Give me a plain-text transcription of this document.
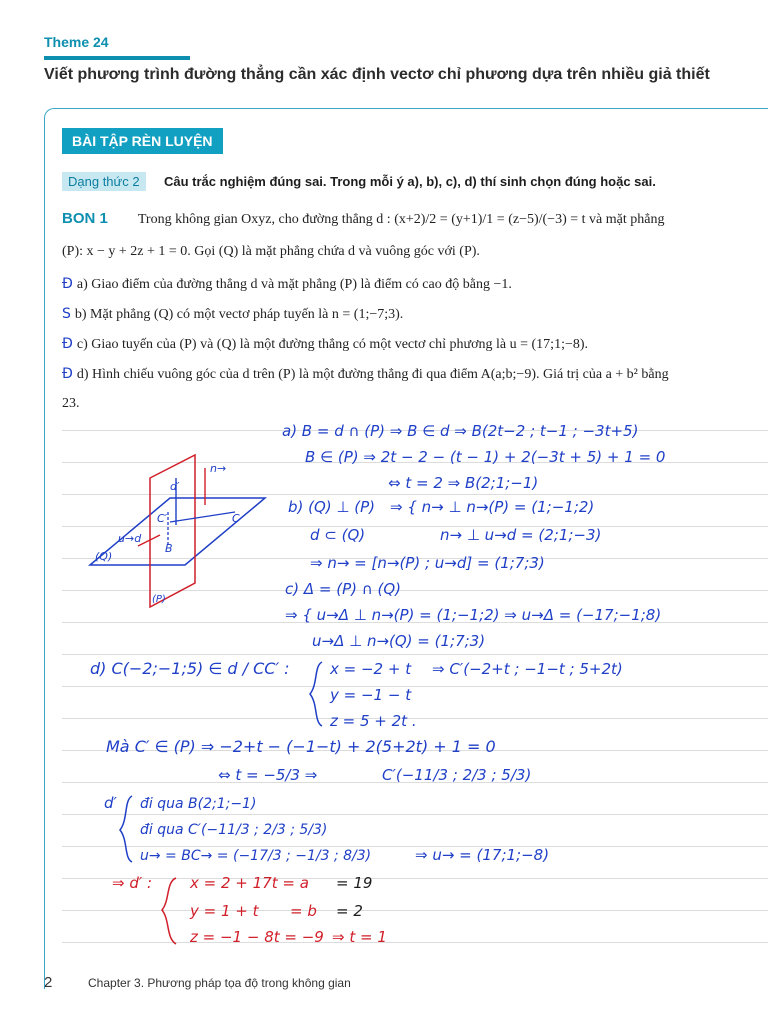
Theme 24
Viết phương trình đường thẳng cần xác định vectơ chỉ phương dựa trên nhiều giả thiết
BÀI TẬP RÈN LUYỆN
Dạng thức 2	Câu trắc nghiệm đúng sai. Trong mỗi ý a), b), c), d) thí sinh chọn đúng hoặc sai.
BON 1 Trong không gian Oxyz, cho đường thẳng d : (x+2)/2 = (y+1)/1 = (z−5)/(−3) = t và mặt phẳng
(P): x − y + 2z + 1 = 0. Gọi (Q) là mặt phẳng chứa d và vuông góc với (P).
Đ a) Giao điểm của đường thẳng d và mặt phẳng (P) là điểm có cao độ bằng −1.
S b) Mặt phẳng (Q) có một vectơ pháp tuyến là n = (1;−7;3).
Đ c) Giao tuyến của (P) và (Q) là một đường thẳng có một vectơ chỉ phương là u = (17;1;−8).
Đ d) Hình chiếu vuông góc của d trên (P) là một đường thẳng đi qua điểm A(a;b;−9). Giá trị của a + b² bằng
23.
d′
n→
C′	C
B
u→d
(Q)
(P)
a) B = d ∩ (P) ⇒ B ∈ d ⇒ B(2t−2 ; t−1 ; −3t+5)
B ∈ (P) ⇒ 2t − 2 − (t − 1) + 2(−3t + 5) + 1 = 0
⇔ t = 2 ⇒ B(2;1;−1)
b) (Q) ⊥ (P) ⇒ { n→ ⊥ n→(P) = (1;−1;2)
d ⊂ (Q)	n→ ⊥ u→d = (2;1;−3)
⇒ n→ = [n→(P) ; u→d] = (1;7;3)
c) Δ = (P) ∩ (Q)
⇒ { u→Δ ⊥ n→(P) = (1;−1;2) ⇒ u→Δ = (−17;−1;8)
u→Δ ⊥ n→(Q) = (1;7;3)
d) C(−2;−1;5) ∈ d / CC′ :	x = −2 + t ⇒ C′(−2+t ; −1−t ; 5+2t)
y = −1 − t
z = 5 + 2t .
Mà C′ ∈ (P) ⇒ −2+t − (−1−t) + 2(5+2t) + 1 = 0
⇔ t = −5/3 ⇒	C′(−11/3 ; 2/3 ; 5/3)
d′ đi qua B(2;1;−1)
đi qua C′(−11/3 ; 2/3 ; 5/3)
u→ = BC→ = (−17/3 ; −1/3 ; 8/3)	⇒ u→ = (17;1;−8)
⇒ d′ :	x = 2 + 17t = a = 19
y = 1 + t = b = 2
z = −1 − 8t = −9 ⇒ t = 1
2	Chapter 3. Phương pháp tọa độ trong không gian
